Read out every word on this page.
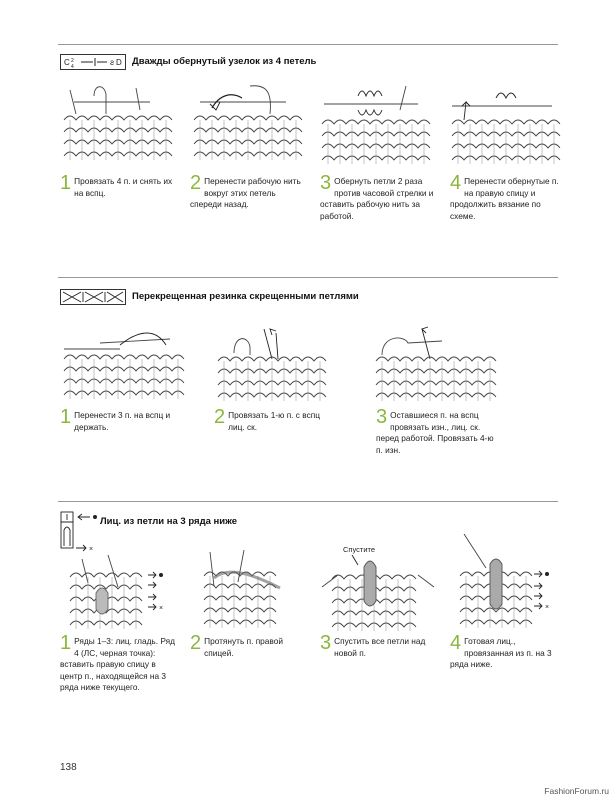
C 2
4	ƨ D Дважды обернутый узелок из 4 петель
1 Провязать 4 п. и снять их на вспц.	2 Перенести рабочую нить вокруг этих петель спереди назад.
3 Обернуть петли 2 раза против часовой стрелки и оставить рабочую нить за работой.
4 Перенести обернутые п. на правую спицу и продолжить вязание по схеме.
Перекрещенная резинка скрещенными петлями
1 Перенести 3 п. на вспц и держать.	2 Провязать 1-ю п. с вспц лиц. ск.	3 Оставшиеся п. на вспц провязать изн., лиц. ск. перед работой. Провязать 4-ю п. изн.
×
Лиц. из петли на 3 ряда ниже
Спустите
×	×
1 Ряды 1–3: лиц. гладь. Ряд 4 (ЛС, черная точка): вставить правую спицу в центр п., находящейся на 3 ряда ниже текущего.
2 Протянуть п. правой спицей.	3 Спустить все петли над новой п.	4 Готовая лиц., провязанная из п. на 3 ряда ниже.
138
FashionForum.ru
